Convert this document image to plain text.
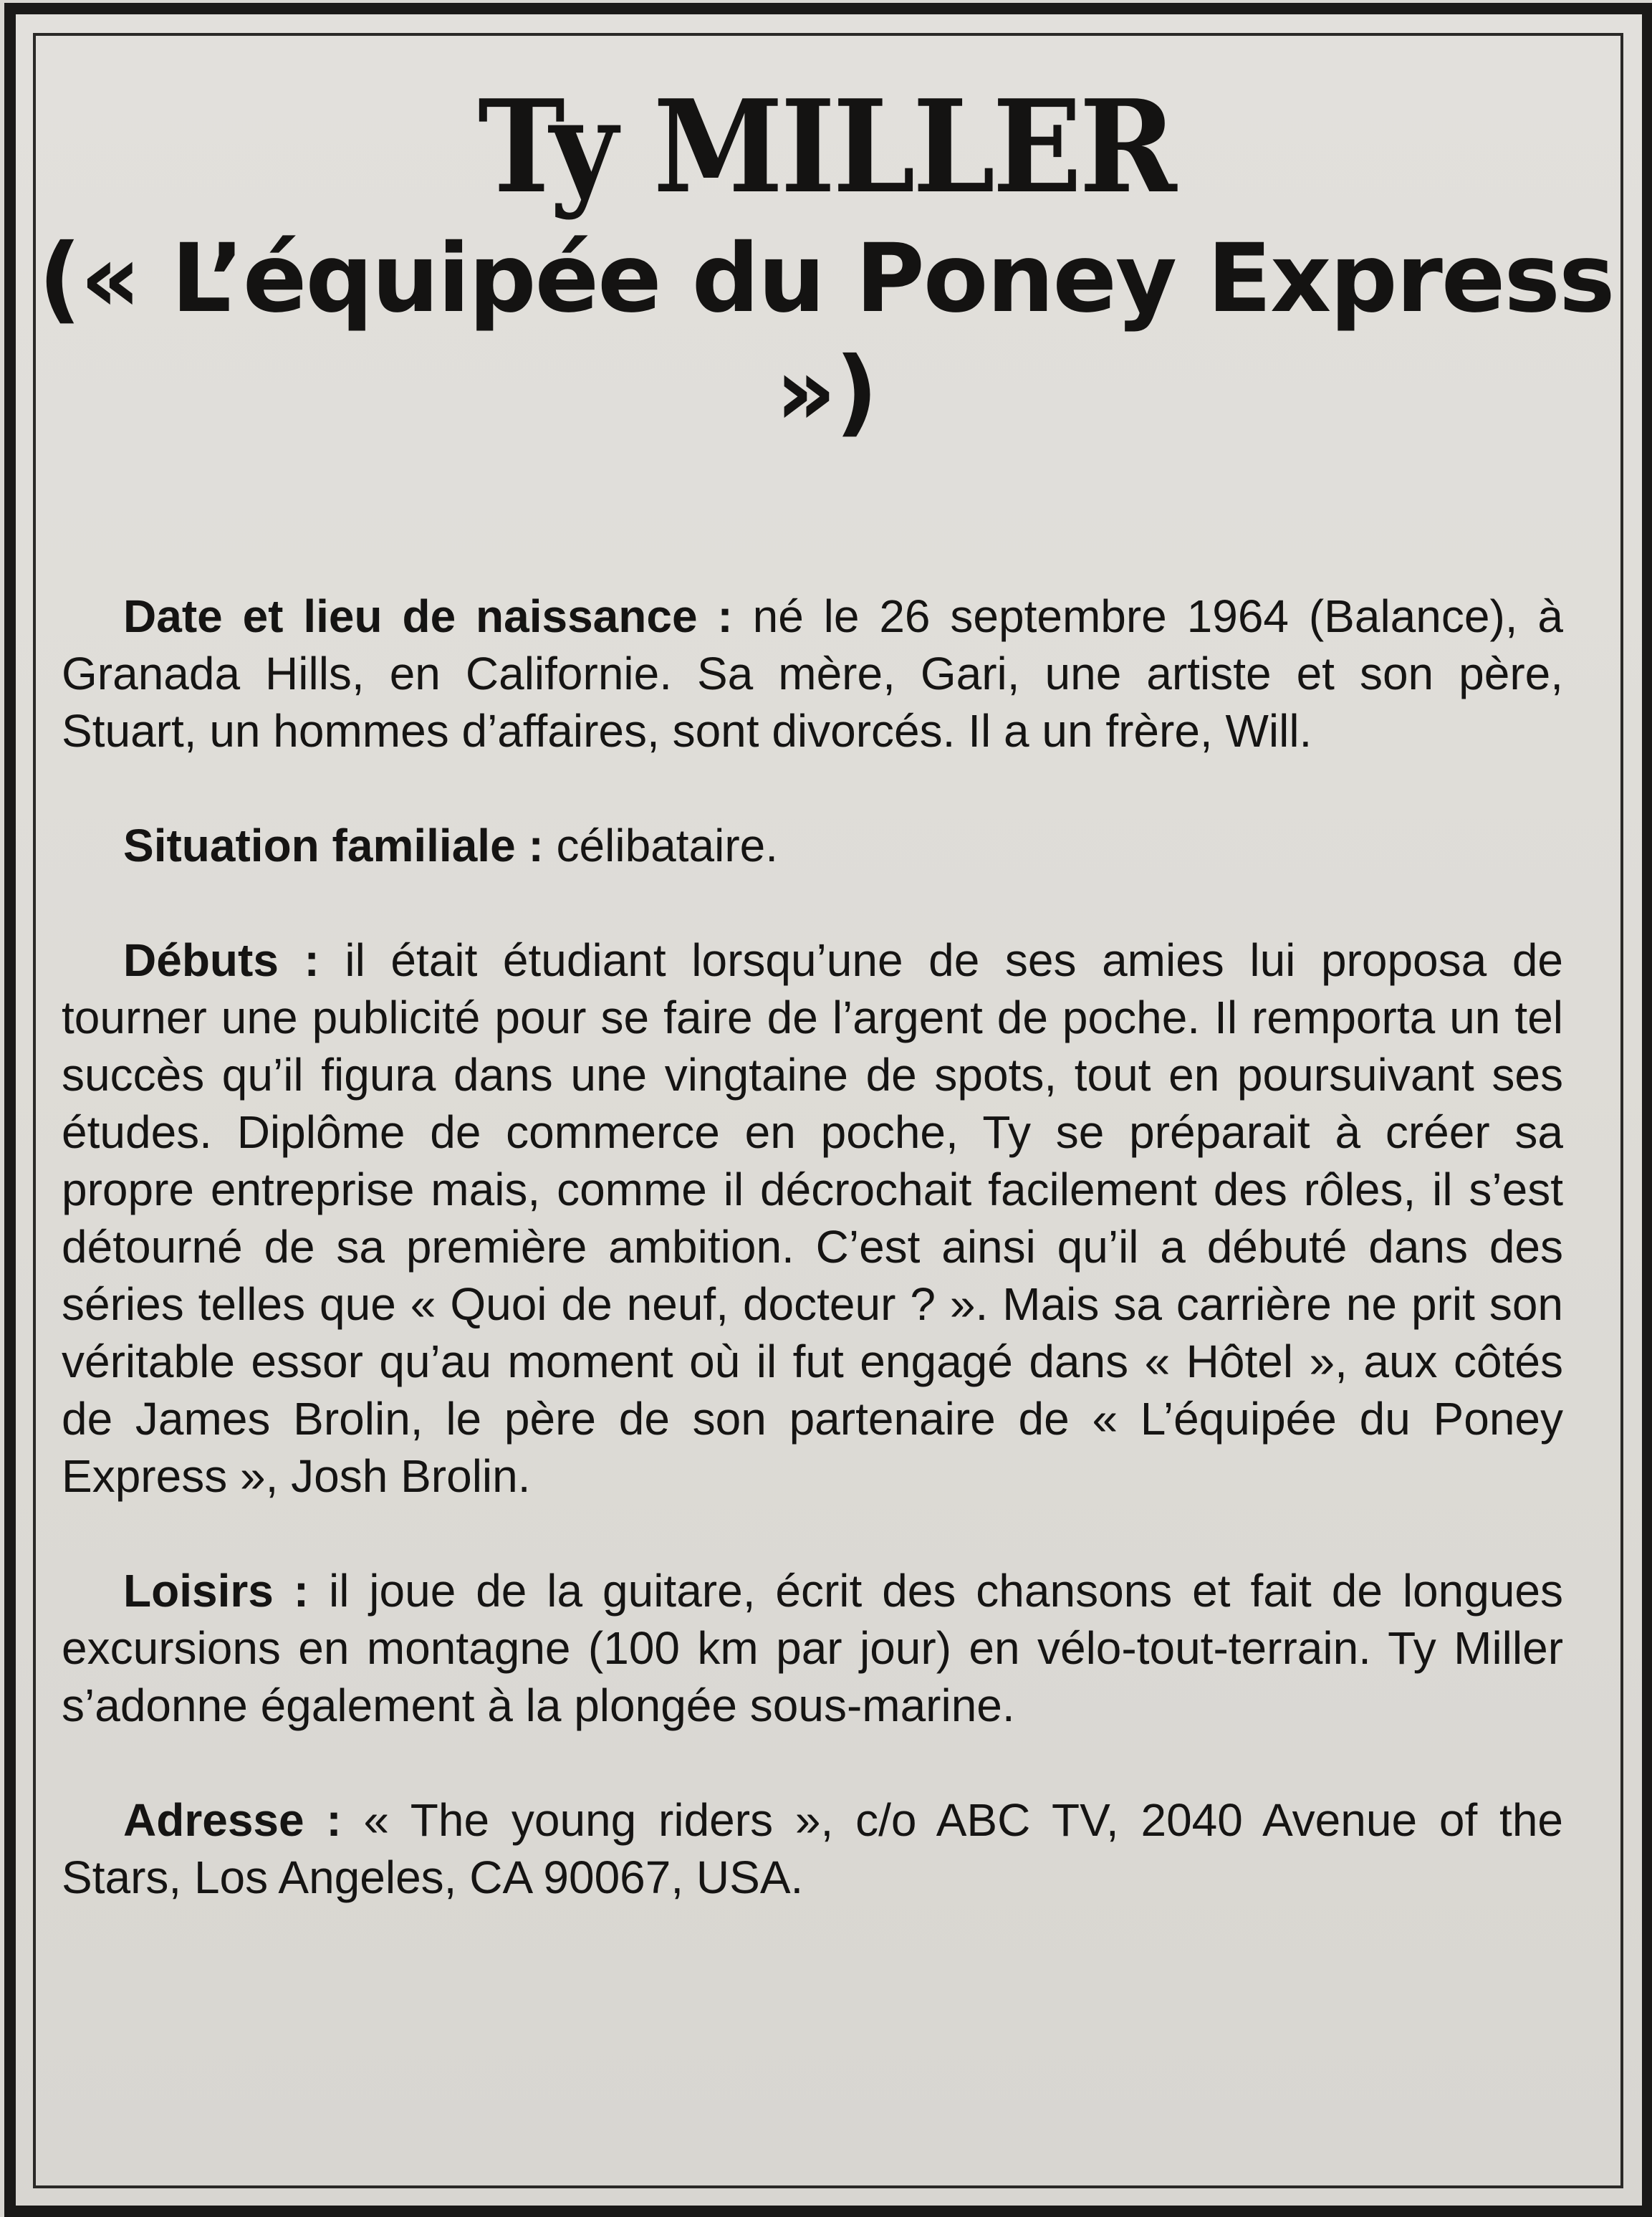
Ty MILLER
(« L’équipée du Poney Express »)

Date et lieu de naissance : né le 26 septembre 1964 (Balance), à Granada Hills, en Californie. Sa mère, Gari, une artiste et son père, Stuart, un hommes d’affaires, sont divorcés. Il a un frère, Will.

Situation familiale : célibataire.

Débuts : il était étudiant lorsqu’une de ses amies lui proposa de tourner une publicité pour se faire de l’argent de poche. Il remporta un tel succès qu’il figura dans une vingtaine de spots, tout en poursuivant ses études. Diplôme de commerce en poche, Ty se préparait à créer sa propre entreprise mais, comme il décrochait facilement des rôles, il s’est détourné de sa première ambition. C’est ainsi qu’il a débuté dans des séries telles que « Quoi de neuf, docteur ? ». Mais sa carrière ne prit son véritable essor qu’au moment où il fut engagé dans « Hôtel », aux côtés de James Brolin, le père de son partenaire de « L’équipée du Poney Express », Josh Brolin.

Loisirs : il joue de la guitare, écrit des chansons et fait de longues excursions en montagne (100 km par jour) en vélo-tout-terrain. Ty Miller s’adonne également à la plongée sous-marine.

Adresse : « The young riders », c/o ABC TV, 2040 Avenue of the Stars, Los Angeles, CA 90067, USA.
